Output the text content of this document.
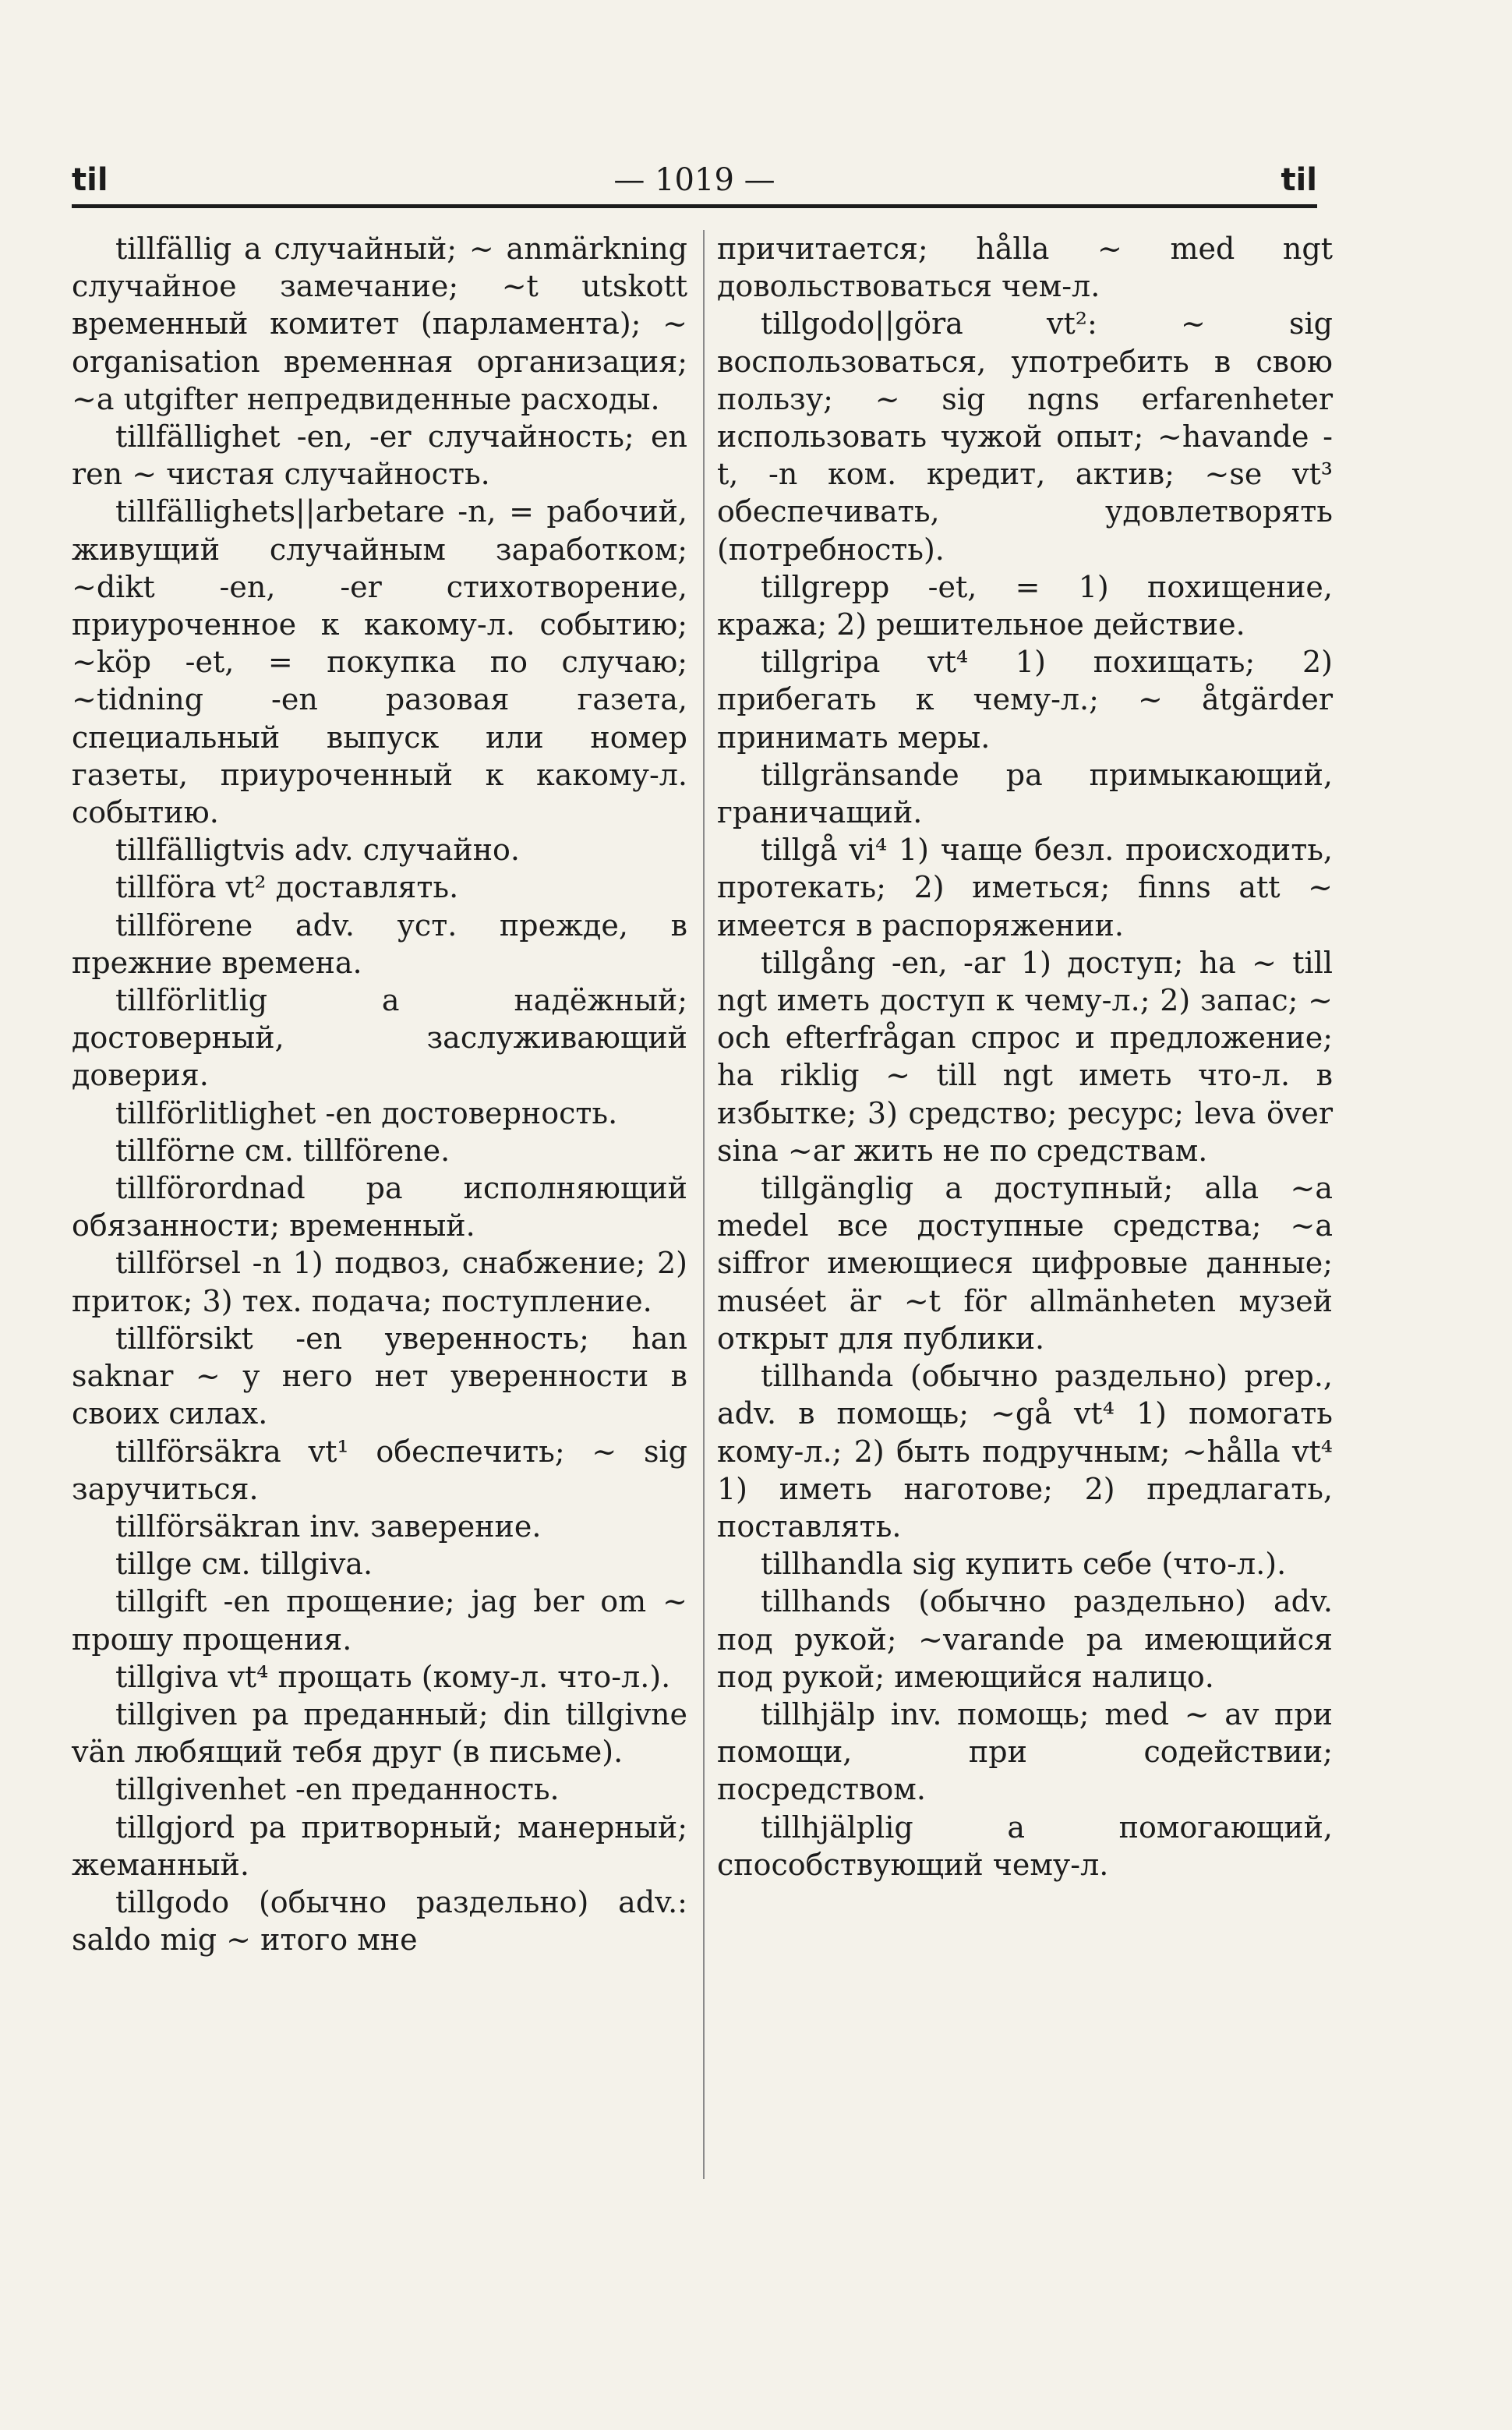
til	— 1019 —	til

tillfällig a случайный; ~ anmärkning случайное замечание; ~t utskott временный комитет (парламента); ~ organisation временная организация; ~a utgifter непредвиденные расходы.

tillfällighet -en, -er случайность; en ren ~ чистая случайность.

tillfällighets||arbetare -n, = рабочий, живущий случайным заработком; ~dikt -en, -er стихотворение, приуроченное к какому-л. событию; ~köp -et, = покупка по случаю; ~tidning -en разовая газета, специальный выпуск или номер газеты, приуроченный к какому-л. событию.

tillfälligtvis adv. случайно.

tillföra vt² доставлять.

tillförene adv. уст. прежде, в прежние времена.

tillförlitlig a надёжный; достоверный, заслуживающий доверия.

tillförlitlighet -en достоверность.

tillförne см. tillförene.

tillförordnad pa исполняющий обязанности; временный.

tillförsel -n 1) подвоз, снабжение; 2) приток; 3) тех. подача; поступление.

tillförsikt -en уверенность; han saknar ~ у него нет уверенности в своих силах.

tillförsäkra vt¹ обеспечить; ~ sig заручиться.

tillförsäkran inv. заверение.

tillge см. tillgiva.

tillgift -en прощение; jag ber om ~ прошу прощения.

tillgiva vt⁴ прощать (кому-л. что-л.).

tillgiven pa преданный; din tillgivne vän любящий тебя друг (в письме).

tillgivenhet -en преданность.

tillgjord pa притворный; манерный; жеманный.

tillgodo (обычно раздельно) adv.: saldo mig ~ итого мне

причитается; hålla ~ med ngt довольствоваться чем-л.

tillgodo||göra vt²: ~ sig воспользоваться, употребить в свою пользу; ~ sig ngns erfarenheter использовать чужой опыт; ~havande -t, -n ком. кредит, актив; ~se vt³ обеспечивать, удовлетворять (потребность).

tillgrepp -et, = 1) похищение, кража; 2) решительное действие.

tillgripa vt⁴ 1) похищать; 2) прибегать к чему-л.; ~ åtgärder принимать меры.

tillgränsande pa примыкающий, граничащий.

tillgå vi⁴ 1) чаще безл. происходить, протекать; 2) иметься; finns att ~ имеется в распоряжении.

tillgång -en, -ar 1) доступ; ha ~ till ngt иметь доступ к чему-л.; 2) запас; ~ och efterfrågan спрос и предложение; ha riklig ~ till ngt иметь что-л. в избытке; 3) средство; ресурс; leva över sina ~ar жить не по средствам.

tillgänglig a доступный; alla ~a medel все доступные средства; ~a siffror имеющиеся цифровые данные; muséet är ~t för allmänheten музей открыт для публики.

tillhanda (обычно раздельно) prep., adv. в помощь; ~gå vt⁴ 1) помогать кому-л.; 2) быть подручным; ~hålla vt⁴ 1) иметь наготове; 2) предлагать, поставлять.

tillhandla sig купить себе (что-л.).

tillhands (обычно раздельно) adv. под рукой; ~varande pa имеющийся под рукой; имеющийся налицо.

tillhjälp inv. помощь; med ~ av при помощи, при содействии; посредством.

tillhjälplig a помогающий, способствующий чему-л.
